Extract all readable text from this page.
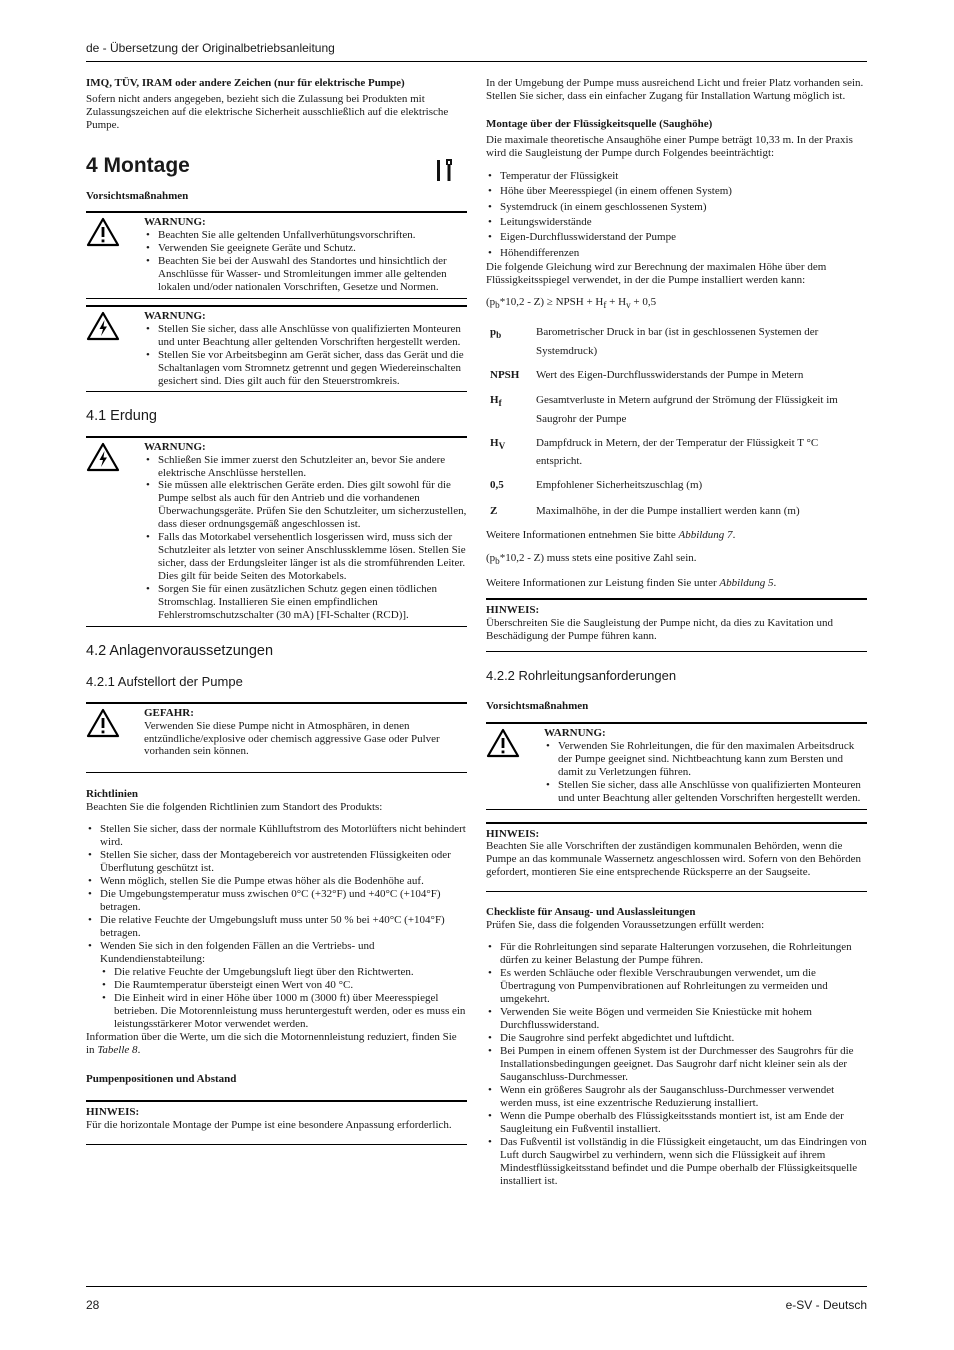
de - Übersetzung der Originalbetriebsanleitung

IMQ, TÜV, IRAM oder andere Zeichen (nur für elektrische Pumpe)

Sofern nicht anders angegeben, bezieht sich die Zulassung bei Produkten mit Zulassungszeichen auf die elektrische Sicherheit ausschließlich auf die elektrische Pumpe.

4 Montage

Vorsichtsmaßnahmen

WARNUNG:

• Beachten Sie alle geltenden Unfallverhütungsvorschriften.
• Verwenden Sie geeignete Geräte und Schutz.
• Beachten Sie bei der Auswahl des Standortes und hinsichtlich der Anschlüsse für Wasser- und Stromleitungen immer alle geltenden lokalen und/oder nationalen Vorschriften, Gesetze und Normen.

WARNUNG:

• Stellen Sie sicher, dass alle Anschlüsse von qualifizierten Monteuren und unter Beachtung aller geltenden Vorschriften hergestellt werden.
• Stellen Sie vor Arbeitsbeginn am Gerät sicher, dass das Gerät und die Schaltanlagen vom Stromnetz getrennt und gegen Wiedereinschalten gesichert sind. Dies gilt auch für den Steuerstromkreis.
4.1 Erdung

WARNUNG:

• Schließen Sie immer zuerst den Schutzleiter an, bevor Sie andere elektrische Anschlüsse herstellen.
• Sie müssen alle elektrischen Geräte erden. Dies gilt sowohl für die Pumpe selbst als auch für den Antrieb und die vorhandenen Überwachungsgeräte. Prüfen Sie den Schutzleiter, um sicherzustellen, dass dieser ordnungsgemäß angeschlossen ist.
• Falls das Motorkabel versehentlich losgerissen wird, muss sich der Schutzleiter als letzter von seiner Anschlussklemme lösen. Stellen Sie sicher, dass der Erdungsleiter länger ist als die stromführenden Leiter. Dies gilt für beide Seiten des Motorkabels.
• Sorgen Sie für einen zusätzlichen Schutz gegen einen tödlichen Stromschlag. Installieren Sie einen empfindlichen Fehlerstromschutzschalter (30 mA) [FI-Schalter (RCD)].
4.2 Anlagenvoraussetzungen
4.2.1 Aufstellort der Pumpe

GEFAHR:

Verwenden Sie diese Pumpe nicht in Atmosphären, in denen entzündliche/explosive oder chemisch aggressive Gase oder Pulver vorhanden sein können.

Richtlinien

Beachten Sie die folgenden Richtlinien zum Standort des Produkts:

• Stellen Sie sicher, dass der normale Kühlluftstrom des Motorlüfters nicht behindert wird.
• Stellen Sie sicher, dass der Montagebereich vor austretenden Flüssigkeiten oder Überflutung geschützt ist.
• Wenn möglich, stellen Sie die Pumpe etwas höher als die Bodenhöhe auf.
• Die Umgebungstemperatur muss zwischen 0°C (+32°F) und +40°C (+104°F) betragen.
• Die relative Feuchte der Umgebungsluft muss unter 50 % bei +40°C (+104°F) betragen.
• Wenden Sie sich in den folgenden Fällen an die Vertriebs- und Kundendienstabteilung:
• Die relative Feuchte der Umgebungsluft liegt über den Richtwerten.
• Die Raumtemperatur übersteigt einen Wert von 40 °C.
• Die Einheit wird in einer Höhe über 1000 m (3000 ft) über Meeresspiegel betrieben. Die Motorennleistung muss heruntergestuft werden, oder es muss ein leistungsstärkerer Motor verwendet werden.

Information über die Werte, um die sich die Motornennleistung reduziert, finden Sie in Tabelle 8.

Pumpenpositionen und Abstand

HINWEIS:

Für die horizontale Montage der Pumpe ist eine besondere Anpassung erforderlich.

In der Umgebung der Pumpe muss ausreichend Licht und freier Platz vorhanden sein. Stellen Sie sicher, dass ein einfacher Zugang für Installation Wartung möglich ist.

Montage über der Flüssigkeitsquelle (Saughöhe)

Die maximale theoretische Ansaughöhe einer Pumpe beträgt 10,33 m. In der Praxis wird die Saugleistung der Pumpe durch Folgendes beeinträchtigt:

• Temperatur der Flüssigkeit
• Höhe über Meeresspiegel (in einem offenen System)
• Systemdruck (in einem geschlossenen System)
• Leitungswiderstände
• Eigen-Durchflusswiderstand der Pumpe
• Höhendifferenzen

Die folgende Gleichung wird zur Berechnung der maximalen Höhe über dem Flüssigkeitsspiegel verwendet, in der die Pumpe installiert werden kann:

$(p_b*10,2 - Z)$ ≥ NPSH + $H_f + H_v + 0,5$

$p_b$	Barometrischer Druck in bar (ist in geschlossenen Systemen der Systemdruck)
NPSH	Wert des Eigen-Durchflusswiderstands der Pumpe in Metern
$H_f$	Gesamtverluste in Metern aufgrund der Strömung der Flüssigkeit im Saugrohr der Pumpe
$H_V$	Dampfdruck in Metern, der der Temperatur der Flüssigkeit T °C entspricht.
0,5	Empfohlener Sicherheitszuschlag (m)
Z	Maximalhöhe, in der die Pumpe installiert werden kann (m)

Weitere Informationen entnehmen Sie bitte Abbildung 7.

$(p_b*10,2 - Z)$ muss stets eine positive Zahl sein.

Weitere Informationen zur Leistung finden Sie unter Abbildung 5.

HINWEIS:

Überschreiten Sie die Saugleistung der Pumpe nicht, da dies zu Kavitation und Beschädigung der Pumpe führen kann.

4.2.2 Rohrleitungsanforderungen

Vorsichtsmaßnahmen

WARNUNG:

• Verwenden Sie Rohrleitungen, die für den maximalen Arbeitsdruck der Pumpe geeignet sind. Nichtbeachtung kann zum Bersten und damit zu Verletzungen führen.
• Stellen Sie sicher, dass alle Anschlüsse von qualifizierten Monteuren und unter Beachtung aller geltenden Vorschriften hergestellt werden.

HINWEIS:

Beachten Sie alle Vorschriften der zuständigen kommunalen Behörden, wenn die Pumpe an das kommunale Wassernetz angeschlossen wird. Sofern von den Behörden gefordert, montieren Sie eine entsprechende Rücksperre an der Saugseite.

Checkliste für Ansaug- und Auslassleitungen

Prüfen Sie, dass die folgenden Voraussetzungen erfüllt werden:

• Für die Rohrleitungen sind separate Halterungen vorzusehen, die Rohrleitungen dürfen zu keiner Belastung der Pumpe führen.
• Es werden Schläuche oder flexible Verschraubungen verwendet, um die Übertragung von Pumpenvibrationen auf Rohrleitungen zu vermeiden und umgekehrt.
• Verwenden Sie weite Bögen und vermeiden Sie Kniestücke mit hohem Durchflusswiderstand.
• Die Saugrohre sind perfekt abgedichtet und luftdicht.
• Bei Pumpen in einem offenen System ist der Durchmesser des Saugrohrs für die Installationsbedingungen geeignet. Das Saugrohr darf nicht kleiner sein als der Sauganschluss-Durchmesser.
• Wenn ein größeres Saugrohr als der Sauganschluss-Durchmesser verwendet werden muss, ist eine exzentrische Reduzierung installiert.
• Wenn die Pumpe oberhalb des Flüssigkeitsstands montiert ist, ist am Ende der Saugleitung ein Fußventil installiert.
• Das Fußventil ist vollständig in die Flüssigkeit eingetaucht, um das Eindringen von Luft durch Saugwirbel zu verhindern, wenn sich die Flüssigkeit auf ihrem Mindestflüssigkeitsstand befindet und die Pumpe oberhalb der Flüssigkeitsquelle installiert ist.
28	e-SV - Deutsch
